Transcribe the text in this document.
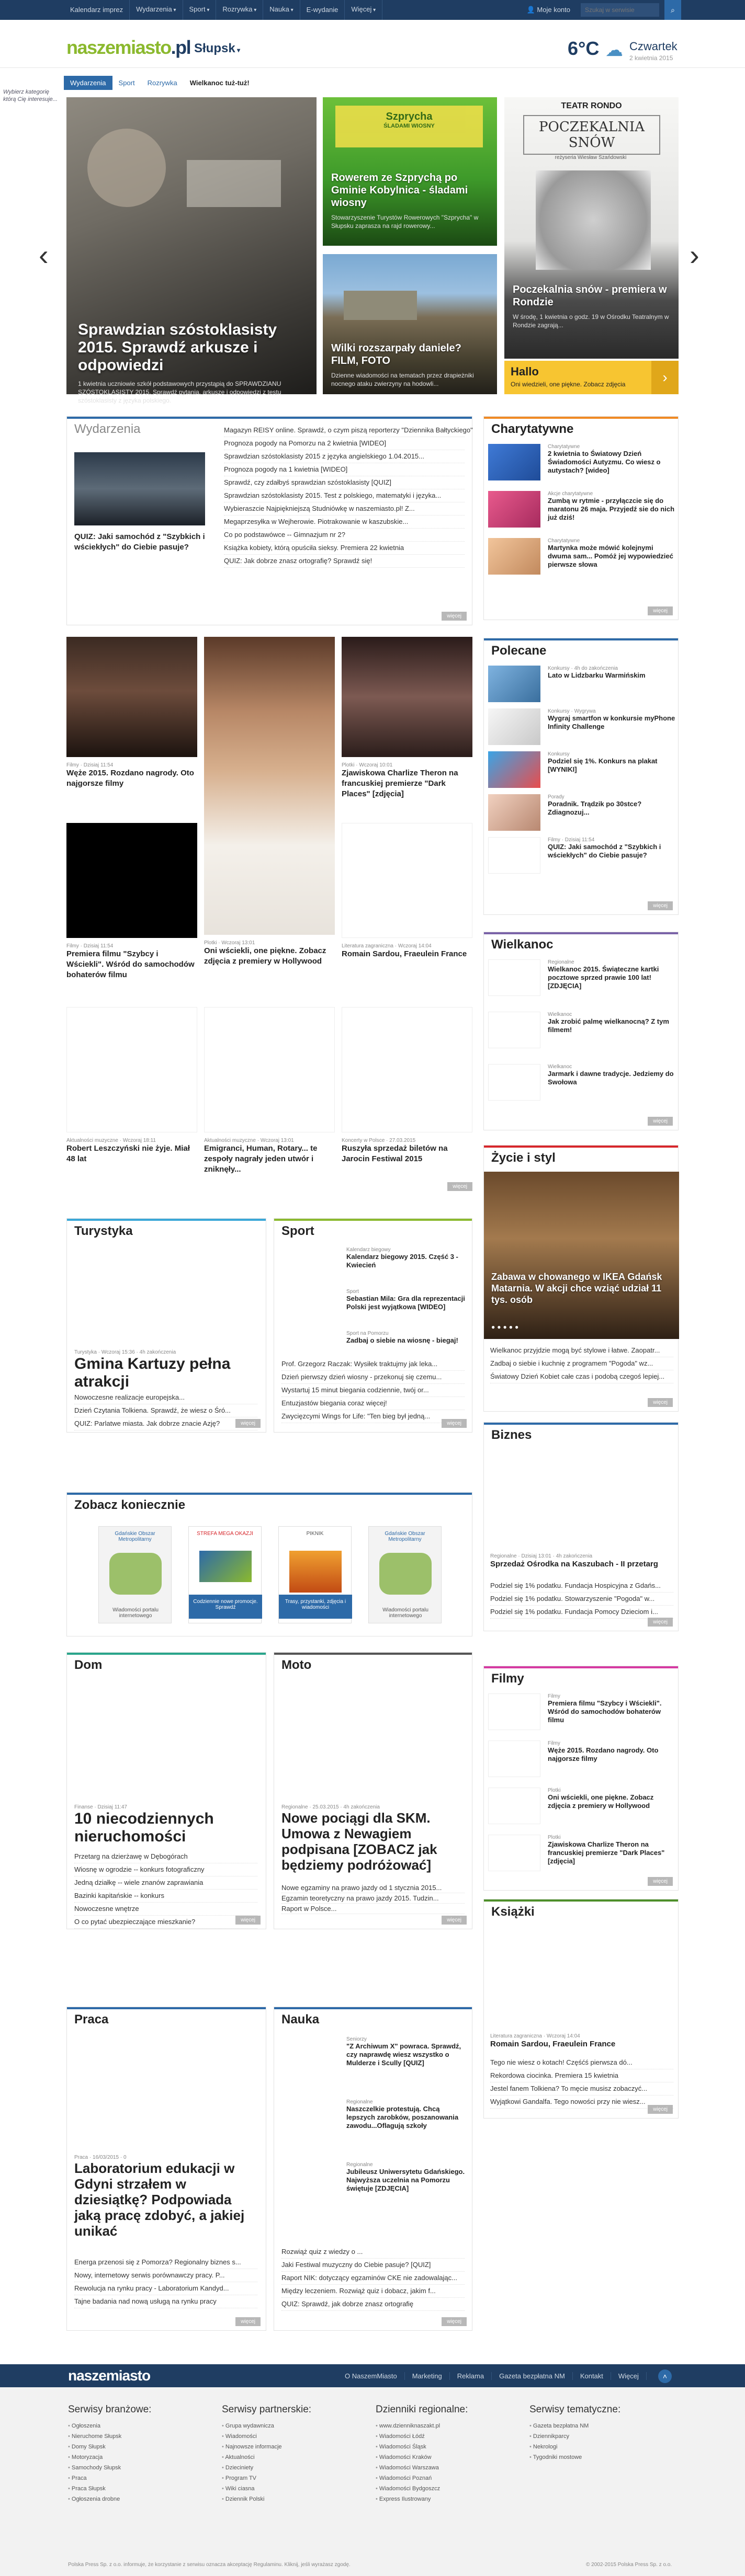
Kalendarz imprez	Wydarzenia ▾	Sport ▾	Rozrywka ▾	Nauka ▾	E-wydanie	Więcej ▾	👤 Moje konto
Szukaj w serwisie	⌕
naszemiasto.pl Słupsk ▾	6°C ☁ Czwartek
2 kwietnia 2015
Wydarzenia	Sport	Rozrywka	Wielkanoc tuż-tuż!
Wybierz kategorię którą Cię interesuje...
‹	›
Sprawdzian szóstoklasisty 2015. Sprawdź arkusze i odpowiedzi
1 kwietnia uczniowie szkół podstawowych przystąpią do SPRAWDZIANU SZÓSTOKLASISTY 2015. Sprawdź pytania, arkusze i odpowiedzi z testu szóstoklasisty z języka polskiego.
Szprycha
ŚLADAMI WIOSNY
Rowerem ze Szprychą po Gminie Kobylnica - śladami wiosny
Stowarzyszenie Turystów Rowerowych "Szprycha" w Słupsku zaprasza na rajd rowerowy...
Wilki rozszarpały daniele? FILM, FOTO
Dzienne wiadomości na tematach przez drapieżniki nocnego ataku zwierzyny na hodowli...
TEATR RONDO
POCZEKALNIA SNÓW
reżyseria Wiesław Szańdowski
Poczekalnia snów - premiera w Rondzie
W środę, 1 kwietnia o godz. 19 w Ośrodku Teatralnym w Rondzie zagrają...
Hallo
Oni wiedzieli, one piękne. Zobacz zdjęcia	›
Wydarzenia
QUIZ: Jaki samochód z "Szybkich i wściekłych" do Ciebie pasuje?
Magazyn REISY online. Sprawdź, o czym piszą reporterzy "Dziennika Bałtyckiego"
Prognoza pogody na Pomorzu na 2 kwietnia [WIDEO]
Sprawdzian szóstoklasisty 2015 z języka angielskiego 1.04.2015...
Prognoza pogody na 1 kwietnia [WIDEO]
Sprawdź, czy zdałbyś sprawdzian szóstoklasisty [QUIZ]
Sprawdzian szóstoklasisty 2015. Test z polskiego, matematyki i języka...
Wybieraszcie Najpiękniejszą Studniówkę w naszemiasto.pl! Z...
Megaprzesyłka w Wejherowie. Piotrakowanie w kaszubskie...
Co po podstawówce -- Gimnazjum nr 2?
Książka kobiety, którą opuściła sieksy. Premiera 22 kwietnia
QUIZ: Jak dobrze znasz ortografię? Sprawdź się!
więcej
Charytatywne
Charytatywne
2 kwietnia to Światowy Dzień Świadomości Autyzmu. Co wiesz o autystach? [wideo]
Akcje charytatywne
Zumbą w rytmie - przyłączcie się do maratonu 26 maja. Przyjedź sie do nich już dziś!
Charytatywne
Martynka może mówić kolejnymi dwuma sam... Pomóż jej wypowiedzieć pierwsze słowa
więcej
Filmy · Dzisiaj 11:54
Węże 2015. Rozdano nagrody. Oto najgorsze filmy
Plotki · Wczoraj 13:01
Oni wściekli, one piękne. Zobacz zdjęcia z premiery w Hollywood
Plotki · Wczoraj 10:01
Zjawiskowa Charlize Theron na francuskiej premierze "Dark Places" [zdjęcia]
Filmy · Dzisiaj 11:54
Premiera filmu "Szybcy i Wściekli". Wśród do samochodów bohaterów filmu
Literatura zagraniczna · Wczoraj 14:04
Romain Sardou, Fraeulein France
Aktualności muzyczne · Wczoraj 18:11
Robert Leszczyński nie żyje. Miał 48 lat
Aktualności muzyczne · Wczoraj 13:01
Emigranci, Human, Rotary... te zespoły nagrały jeden utwór i zniknęły...
Koncerty w Polsce · 27.03.2015
Ruszyła sprzedaż biletów na Jarocin Festiwal 2015
więcej
Polecane
Konkursy · 4h do zakończenia
Lato w Lidzbarku Warmińskim
Konkursy · Wygrywa
Wygraj smartfon w konkursie myPhone Infinity Challenge
Konkursy
Podziel się 1%. Konkurs na plakat [WYNIKI]
Porady
Poradnik. Trądzik po 30stce? Zdiagnozuj...
Filmy · Dzisiaj 11:54
QUIZ: Jaki samochód z "Szybkich i wściekłych" do Ciebie pasuje?
więcej
Wielkanoc
Regionalne
Wielkanoc 2015. Świąteczne kartki pocztowe sprzed prawie 100 lat! [ZDJĘCIA]
Wielkanoc
Jak zrobić palmę wielkanocną? Z tym filmem!
Wielkanoc
Jarmark i dawne tradycje. Jedziemy do Swołowa
więcej
Życie i styl
Zabawa w chowanego w IKEA Gdańsk Matarnia. W akcji chce wziąć udział 11 tys. osób
●●●●●
Wielkanoc przyjdzie mogą być stylowe i łatwe. Zaopatr...
Zadbaj o siebie i kuchnię z programem "Pogoda" wz...
Światowy Dzień Kobiet całe czas i podobą czegoś lepiej...
więcej
Turystyka
Turystyka · Wczoraj 15:36 · 4h zakończenia
Gmina Kartuzy pełna atrakcji
Nowoczesne realizacje europejska...
Dzień Czytania Tolkiena. Sprawdź, że wiesz o Śró...
QUIZ: Parlatwe miasta. Jak dobrze znacie Azję?	więcej
Sport
Kalendarz biegowy
Kalendarz biegowy 2015. Część 3 - Kwiecień
Sport
Sebastian Mila: Gra dla reprezentacji Polski jest wyjątkowa [WIDEO]
Sport na Pomorzu
Zadbaj o siebie na wiosnę - biegaj!
Prof. Grzegorz Raczak: Wysiłek traktujmy jak leka...
Dzień pierwszy dzień wiosny - przekonuj się czemu...
Wystartuj 15 minut biegania codziennie, twój or...
Entuzjastów biegania coraz więcej!
Zwycięzcymi Wings for Life: "Ten bieg był jedną...
więcej
Biznes
Regionalne · Dzisiaj 13:01 · 4h zakończenia
Sprzedaż Ośrodka na Kaszubach - II przetarg
Podziel się 1% podatku. Fundacja Hospicyjna z Gdańs...
Podziel się 1% podatku. Stowarzyszenie "Pogoda" w...
Podziel się 1% podatku. Fundacja Pomocy Dzieciom i...
więcej
Zobacz koniecznie
Gdańskie Obszar Metropolitarny
Wiadomości portalu internetowego
STREFA MEGA OKAZJI
Codziennie nowe promocje. Sprawdź
PIKNIK
Trasy, przystanki, zdjęcia i wiadomości
Gdańskie Obszar Metropolitarny
Wiadomości portalu internetowego
Filmy
Filmy
Premiera filmu "Szybcy i Wściekli". Wśród do samochodów bohaterów filmu
Filmy
Węże 2015. Rozdano nagrody. Oto najgorsze filmy
Plotki
Oni wściekli, one piękne. Zobacz zdjęcia z premiery w Hollywood
Plotki
Zjawiskowa Charlize Theron na francuskiej premierze "Dark Places" [zdjęcia]
więcej
Dom
Finanse · Dzisiaj 11:47
10 niecodziennych nieruchomości
Przetarg na dzierżawę w Dębogórach
Wiosnę w ogrodzie -- konkurs fotograficzny
Jedną działkę -- wiele znanów zaprawiania
Bazinki kapitańskie -- konkurs
Nowoczesne wnętrze
O co pytać ubezpieczające mieszkanie?	więcej
Moto
Regionalne · 25.03.2015 · 4h zakończenia
Nowe pociągi dla SKM. Umowa z Newagiem podpisana [ZOBACZ jak będziemy podróżować]
Nowe egzaminy na prawo jazdy od 1 stycznia 2015...
Egzamin teoretyczny na prawo jazdy 2015. Tudzin...
Raport w Polsce...
więcej
Książki
Literatura zagraniczna · Wczoraj 14:04
Romain Sardou, Fraeulein France
Tego nie wiesz o kotach! Częśćś pierwsza dó...
Rekordowa ciocinka. Premiera 15 kwietnia
Jestel fanem Tolkiena? To męcie musisz zobaczyć...
Wyjątkowi Gandalfa. Tego nowości przy nie wiesz...
więcej
Praca
Praca · 16/03/2015 · 0
Laboratorium edukacji w Gdyni strzałem w dziesiątkę? Podpowiada jaką pracę zdobyć, a jakiej unikać
Energa przenosi się z Pomorza? Regionalny biznes s...
Nowy, internetowy serwis porównawczy pracy. P...
Rewolucja na rynku pracy - Laboratorium Kandyd...
Tajne badania nad nową usługą na rynku pracy
więcej
Nauka
Seniorzy
"Z Archiwum X" powraca. Sprawdź, czy naprawdę wiesz wszystko o Mulderze i Scully [QUIZ]
Regionalne
Naszczelkie protestują. Chcą lepszych zarobków, poszanowania zawodu...Oflagują szkoły
Regionalne
Jubileusz Uniwersytetu Gdańskiego. Najwyższa uczelnia na Pomorzu świętuje [ZDJĘCIA]
Rozwiąż quiz z wiedzy o ...
Jaki Festiwal muzyczny do Ciebie pasuje? [QUIZ]
Raport NIK: dotyczący egzaminów CKE nie zadowalając...
Między leczeniem. Rozwiąż quiz i dobacz, jakim f...
QUIZ: Sprawdź, jak dobrze znasz ortografię
więcej
naszemiasto	O NaszemMiasto	Marketing	Reklama	Gazeta bezpłatna NM	Kontakt	Więcej	˄
Serwisy branżowe:
• Ogłoszenia
• Nieruchome Słupsk
• Domy Słupsk
• Motoryzacja
• Samochody Słupsk
• Praca
• Praca Słupsk
• Ogłoszenia drobne
Serwisy partnerskie:
• Grupa wydawnicza
• Wiadomości
• Najnowsze informacje
• Aktualności
• Dzieciniety
• Program TV
• Wiki ciasna
• Dziennik Polski
Dzienniki regionalne:
• www.dzienniknaszakt.pl
• Wiadomości Łódź
• Wiadomości Śląsk
• Wiadomości Kraków
• Wiadomości Warszawa
• Wiadomości Poznań
• Wiadomości Bydgoszcz
• Express Ilustrowany
Serwisy tematyczne:
• Gazeta bezpłatna NM
• Dziennikparcy
• Nekrologi
• Tygodniki mostowe
Polska Press Sp. z o.o. informuje, że korzystanie z serwisu oznacza akceptację Regulaminu. Kliknij, jeśli wyrażasz zgodę.	© 2002-2015 Polska Press Sp. z o.o.
